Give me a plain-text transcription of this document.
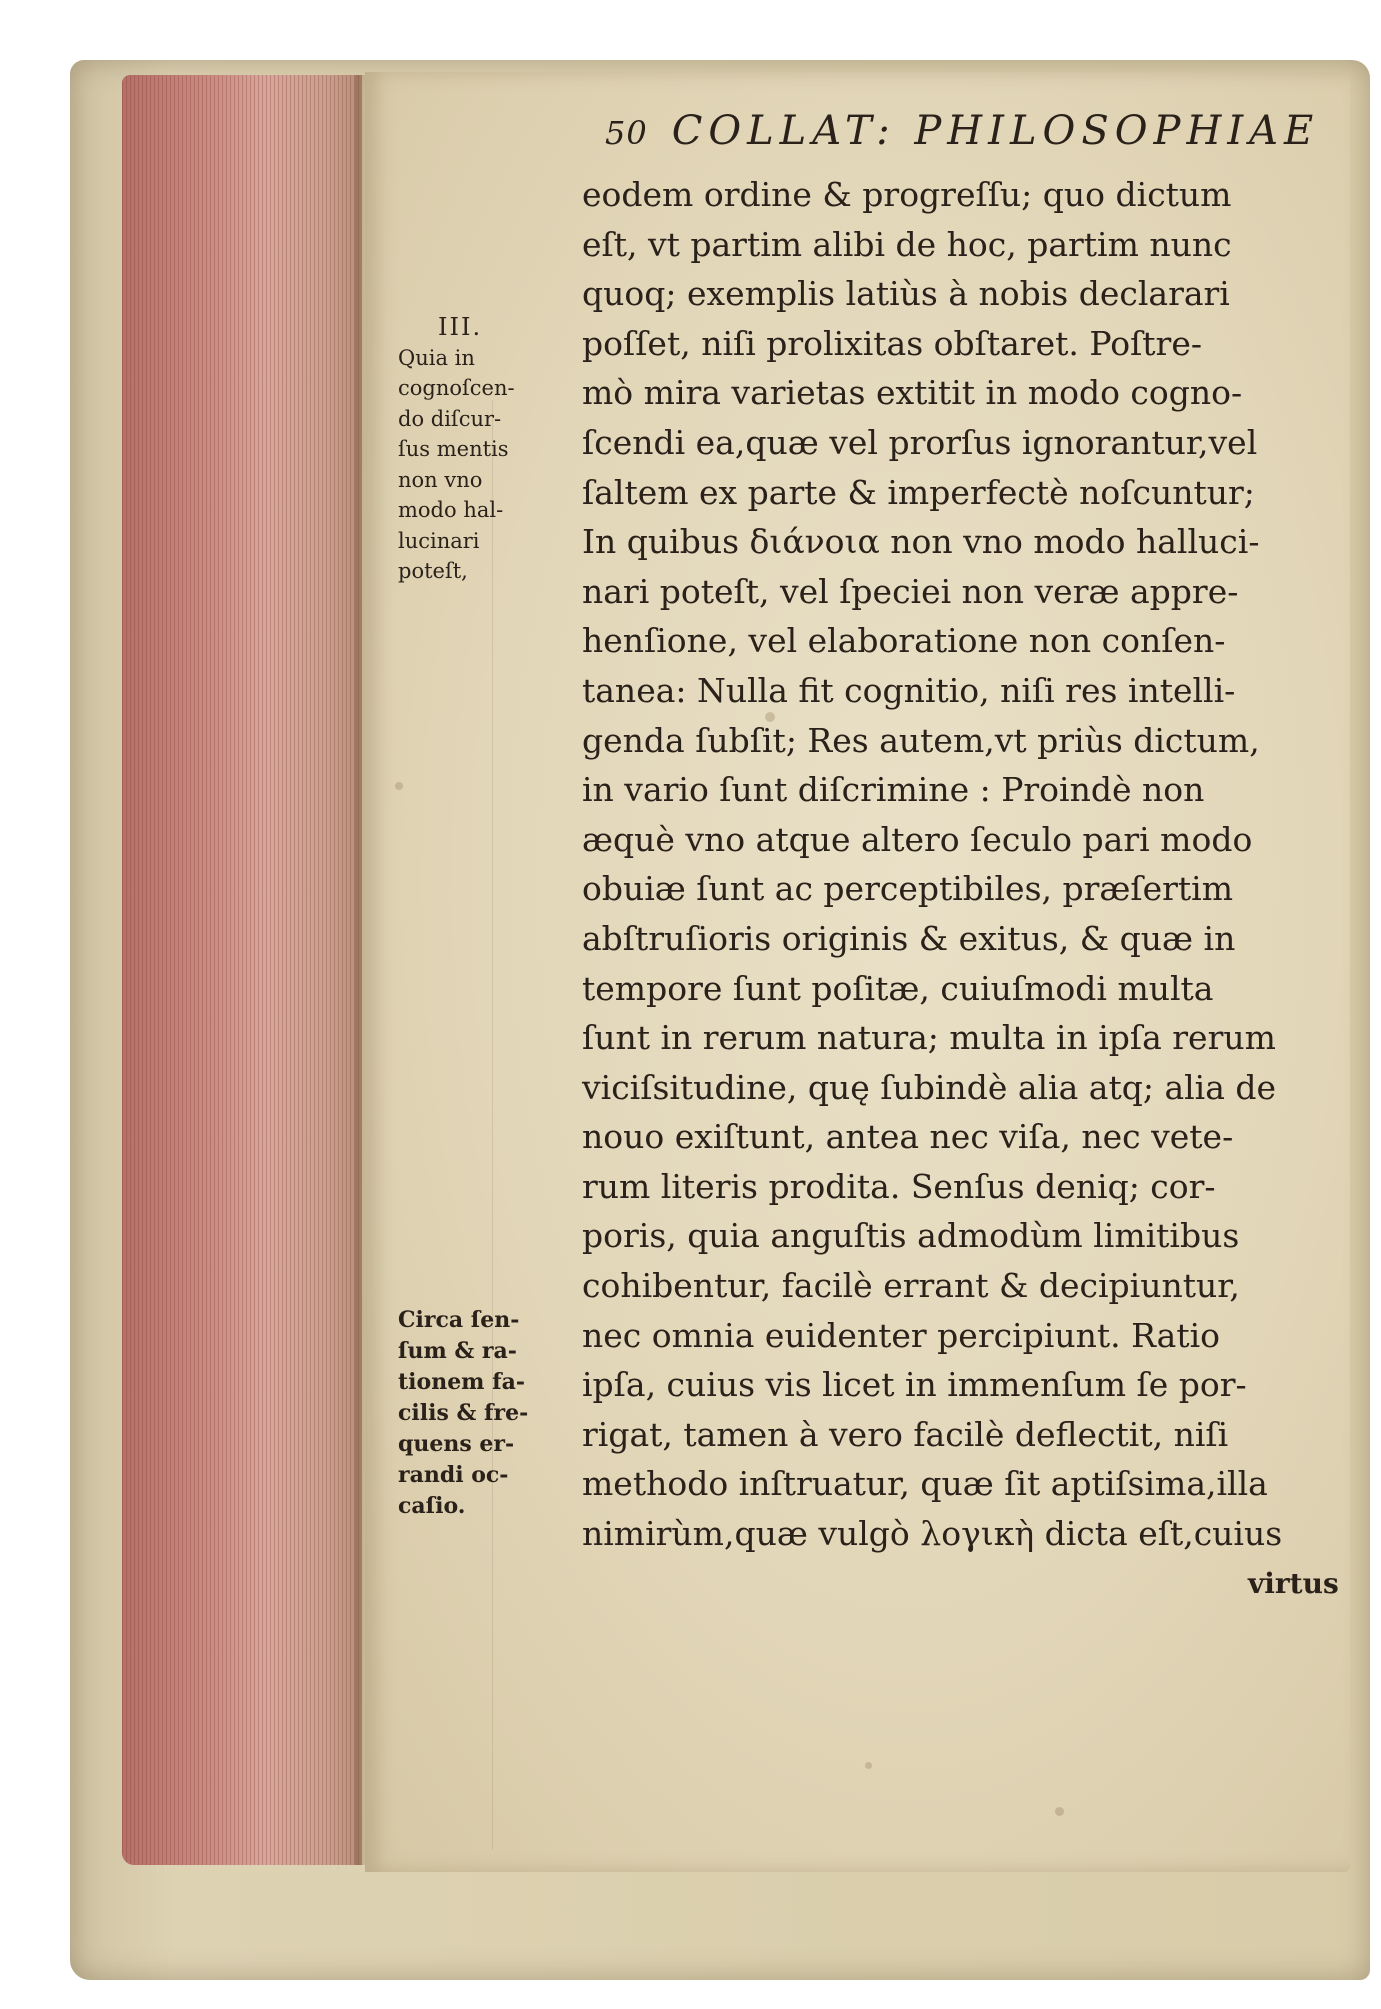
50 COLLAT: PHILOSOPHIAE

III.
Quia in
cognoſcen-
do diſcur-
ſus mentis
non vno
modo hal-
lucinari
poteſt,
Circa ſen-
ſum & ra-
tionem fa-
cilis & fre-
quens er-
randi oc-
caſio.
eodem ordine & progreſſu; quo dictum
eſt, vt partim alibi de hoc, partim nunc
quoq; exemplis latiùs à nobis declarari
poſſet, niſi prolixitas obſtaret. Poſtre-
mò mira varietas extitit in modo cogno-
ſcendi ea,quæ vel prorſus ignorantur,vel
ſaltem ex parte & imperfectè noſcuntur;
In quibus διάνοια non vno modo halluci-
nari poteſt, vel ſpeciei non veræ appre-
henſione, vel elaboratione non conſen-
tanea: Nulla fit cognitio, niſi res intelli-
genda ſubſit; Res autem,vt priùs dictum,
in vario ſunt diſcrimine : Proindè non
æquè vno atque altero ſeculo pari modo
obuiæ ſunt ac perceptibiles, præſertim
abſtruſioris originis & exitus, & quæ in
tempore ſunt poſitæ, cuiuſmodi multa
ſunt in rerum natura; multa in ipſa rerum
viciſsitudine, quę ſubindè alia atq; alia de
nouo exiſtunt, antea nec viſa, nec vete-
rum literis prodita. Senſus deniq; cor-
poris, quia anguſtis admodùm limitibus
cohibentur, facilè errant & decipiuntur,
nec omnia euidenter percipiunt. Ratio
ipſa, cuius vis licet in immenſum ſe por-
rigat, tamen à vero facilè deflectit, niſi
methodo inſtruatur, quæ ſit aptiſsima,illa
nimirùm,quæ vulgò λογικὴ dicta eſt,cuius

virtus
